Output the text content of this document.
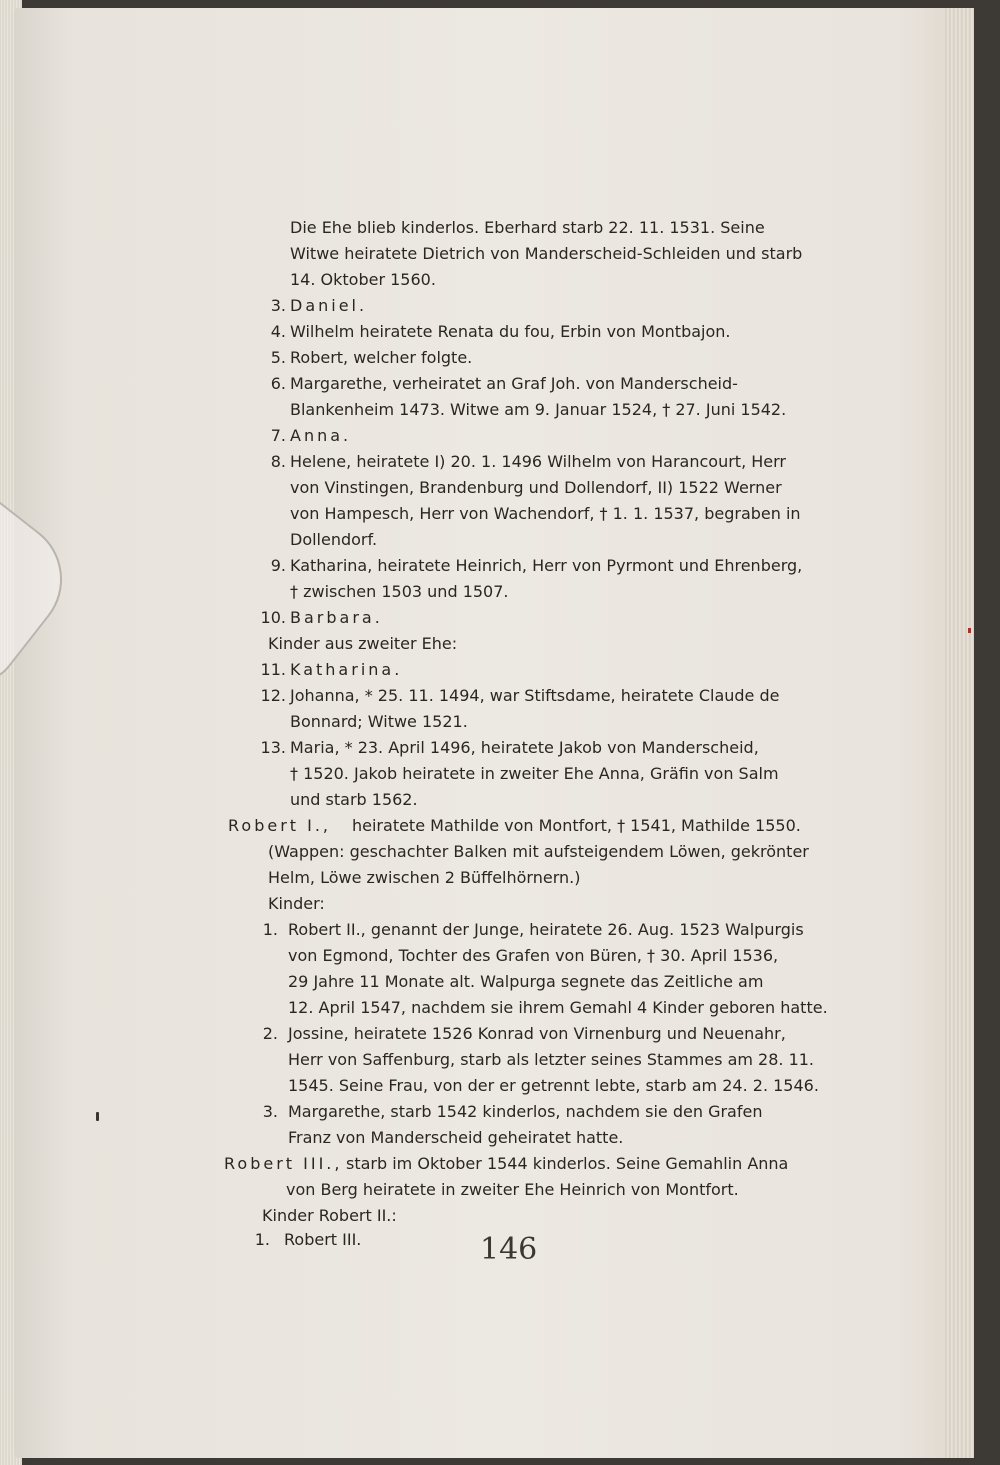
Die Ehe blieb kinderlos. Eberhard starb 22. 11. 1531. Seine
Witwe heiratete Dietrich von Manderscheid-Schleiden und starb
14. Oktober 1560.
3. Daniel.
4. Wilhelm heiratete Renata du fou, Erbin von Montbajon.
5. Robert, welcher folgte.
6. Margarethe, verheiratet an Graf Joh. von Manderscheid-
Blankenheim 1473. Witwe am 9. Januar 1524, † 27. Juni 1542.
7. Anna.
8. Helene, heiratete I) 20. 1. 1496 Wilhelm von Harancourt, Herr
von Vinstingen, Brandenburg und Dollendorf, II) 1522 Werner
von Hampesch, Herr von Wachendorf, † 1. 1. 1537, begraben in
Dollendorf.
9. Katharina, heiratete Heinrich, Herr von Pyrmont und Ehrenberg,
† zwischen 1503 und 1507.
10. Barbara.
Kinder aus zweiter Ehe:
11. Katharina.
12. Johanna, * 25. 11. 1494, war Stiftsdame, heiratete Claude de
Bonnard; Witwe 1521.
13. Maria, * 23. April 1496, heiratete Jakob von Manderscheid,
† 1520. Jakob heiratete in zweiter Ehe Anna, Gräfin von Salm
und starb 1562.
Robert I., heiratete Mathilde von Montfort, † 1541, Mathilde 1550.
(Wappen: geschachter Balken mit aufsteigendem Löwen, gekrönter
Helm, Löwe zwischen 2 Büffelhörnern.)
Kinder:
1. Robert II., genannt der Junge, heiratete 26. Aug. 1523 Walpurgis
von Egmond, Tochter des Grafen von Büren, † 30. April 1536,
29 Jahre 11 Monate alt. Walpurga segnete das Zeitliche am
12. April 1547, nachdem sie ihrem Gemahl 4 Kinder geboren hatte.
2. Jossine, heiratete 1526 Konrad von Virnenburg und Neuenahr,
Herr von Saffenburg, starb als letzter seines Stammes am 28. 11.
1545. Seine Frau, von der er getrennt lebte, starb am 24. 2. 1546.
3. Margarethe, starb 1542 kinderlos, nachdem sie den Grafen
Franz von Manderscheid geheiratet hatte.
Robert III., starb im Oktober 1544 kinderlos. Seine Gemahlin Anna
von Berg heiratete in zweiter Ehe Heinrich von Montfort.
Kinder Robert II.:
1. Robert III.	146
